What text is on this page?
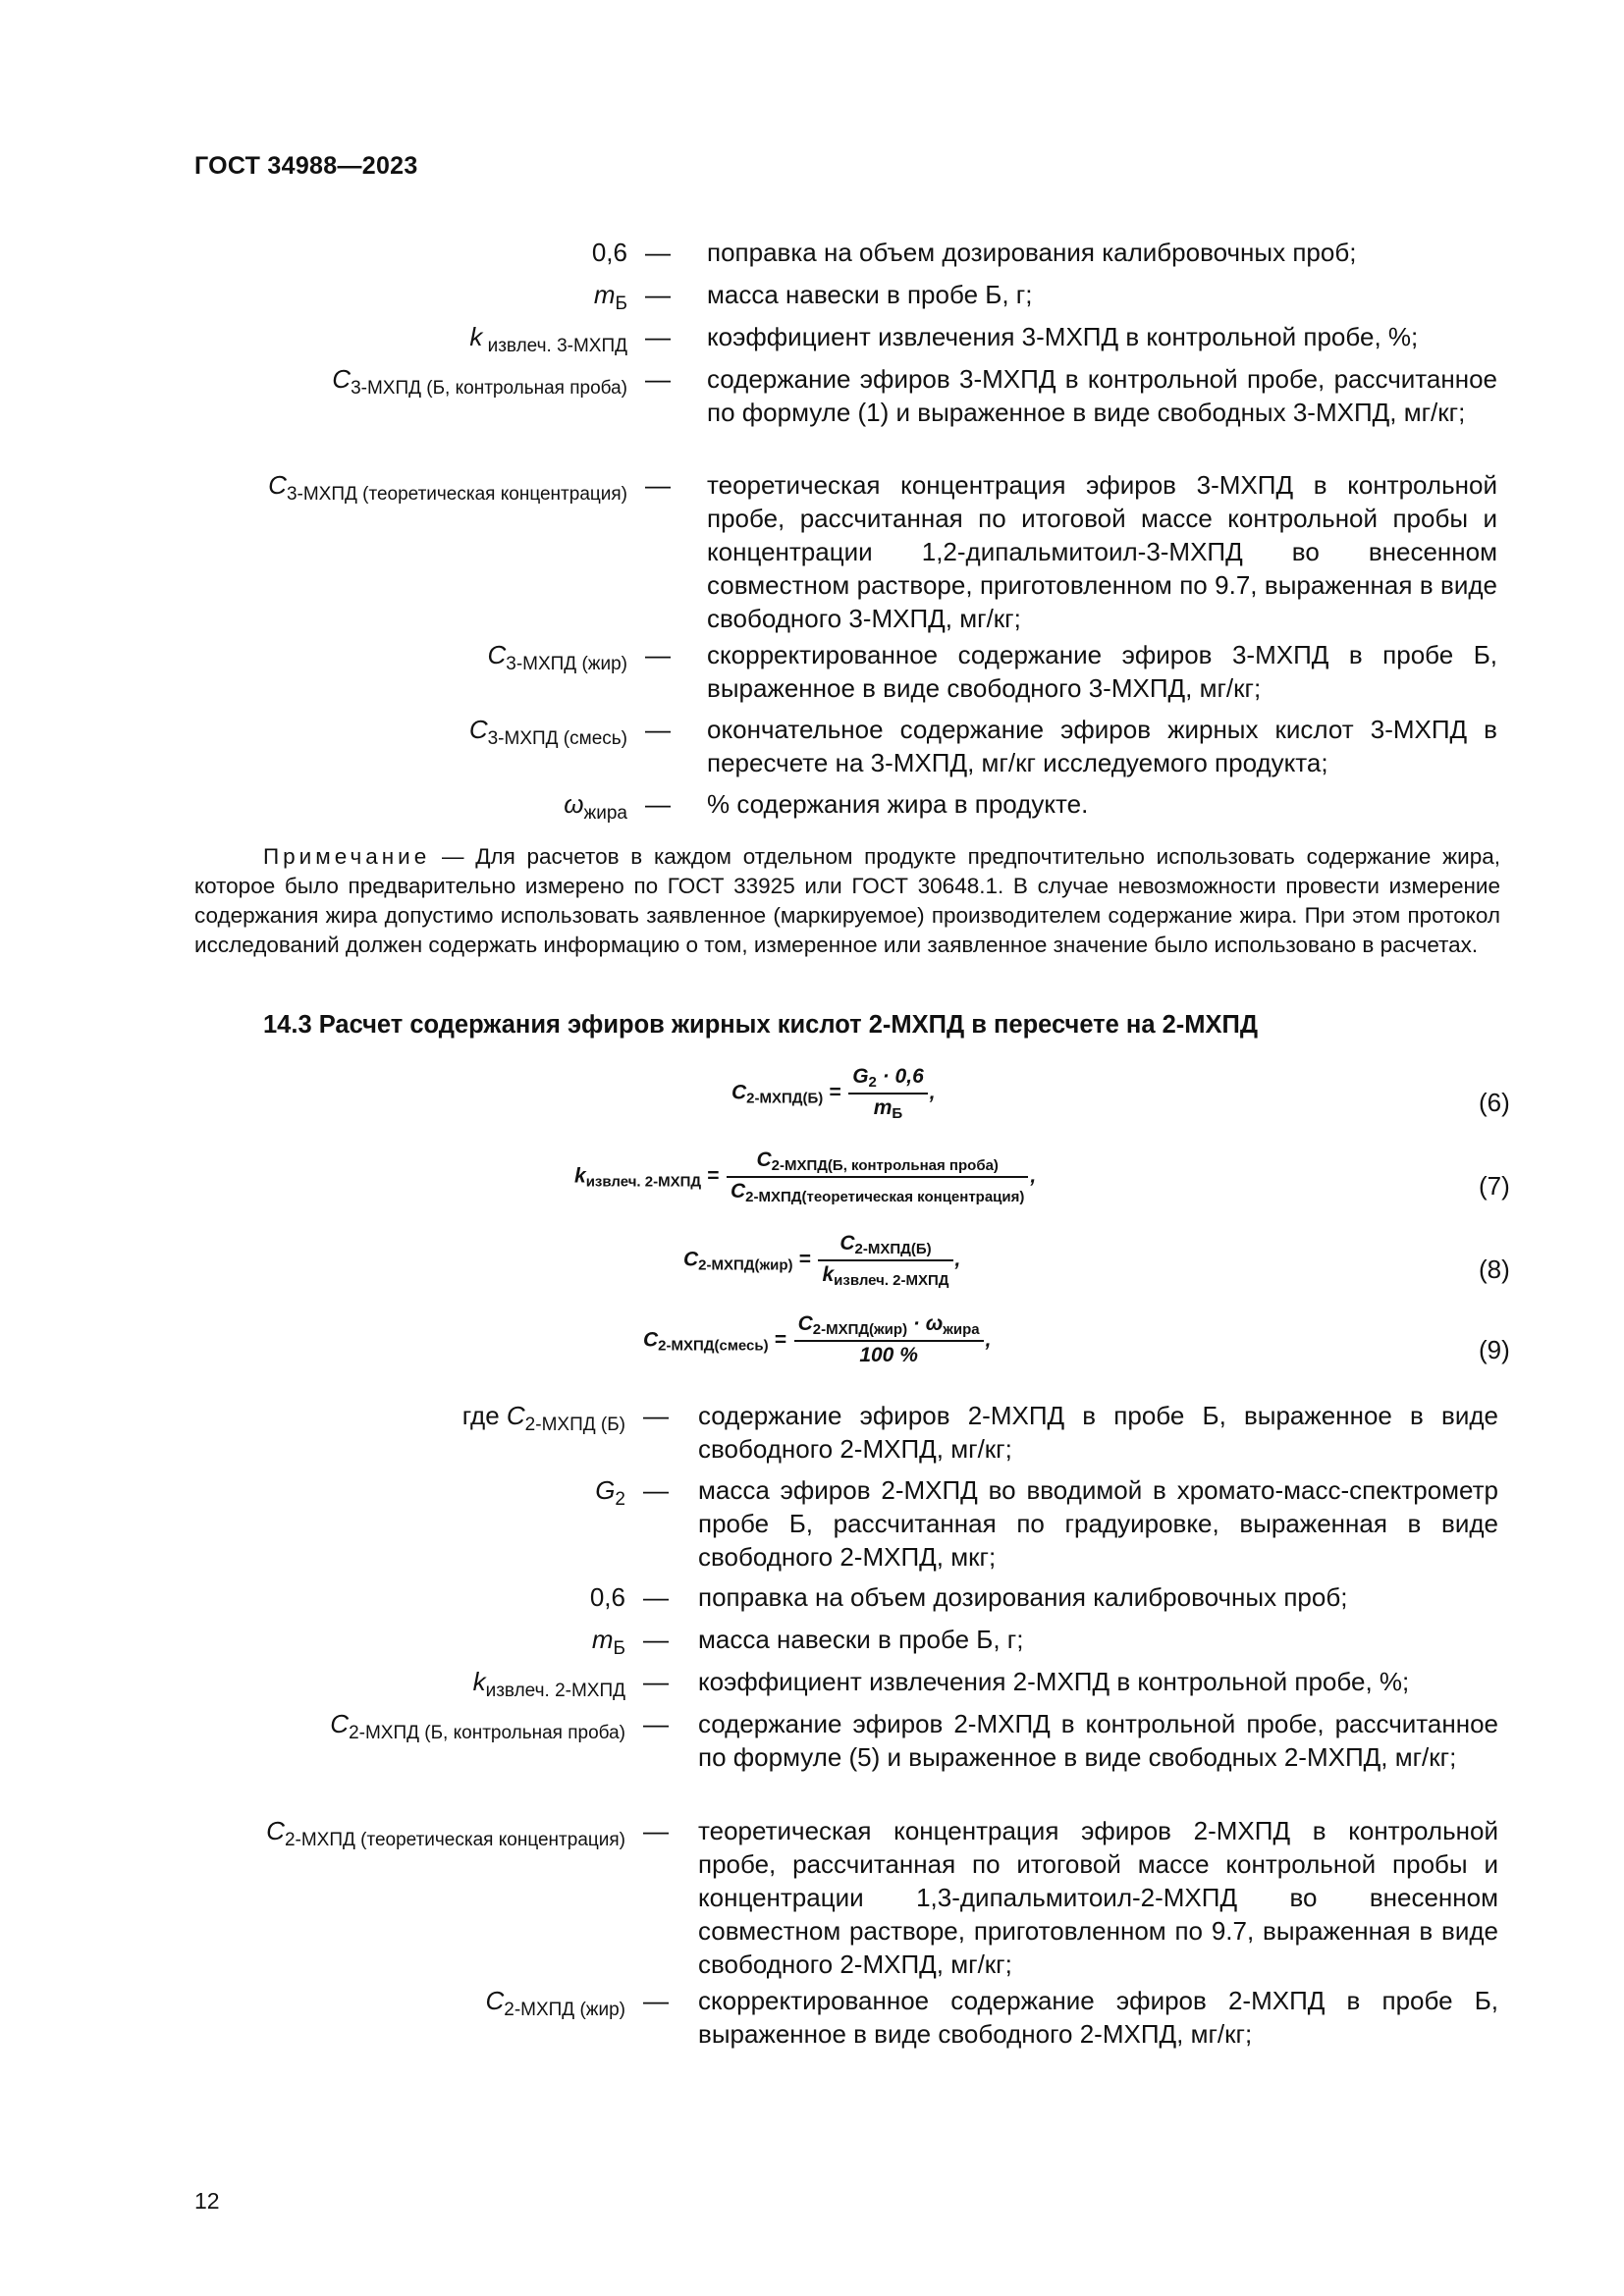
ГОСТ 34988—2023
0,6 — поправка на объем дозирования калибровочных проб;
$m_Б$ — масса навески в пробе Б, г;
k $_{извлеч. 3-МХПД}$ — коэффициент извлечения 3-МХПД в контрольной пробе, %;
$C_{3-МХПД (Б, контрольная проба)}$ — содержание эфиров 3-МХПД в контрольной пробе, рассчитанное по формуле (1) и выраженное в виде свободных 3-МХПД, мг/кг;
$C_{3-МХПД (теоретическая концентрация)}$ — теоретическая концентрация эфиров 3-МХПД в контрольной пробе, рассчитанная по итоговой массе контрольной пробы и концентрации 1,2-дипальмитоил-3-МХПД во внесенном совместном растворе, приготовленном по 9.7, выраженная в виде свободного 3-МХПД, мг/кг;
$C_{3-МХПД (жир)}$ — скорректированное содержание эфиров 3-МХПД в пробе Б, выраженное в виде свободного 3-МХПД, мг/кг;
$C_{3-МХПД (смесь)}$ — окончательное содержание эфиров жирных кислот 3-МХПД в пересчете на 3-МХПД, мг/кг исследуемого продукта;
$\omega_{жира}$ — % содержания жира в продукте.
Примечание — Для расчетов в каждом отдельном продукте предпочтительно использовать содержание жира, которое было предварительно измерено по ГОСТ 33925 или ГОСТ 30648.1. В случае невозможности провести измерение содержания жира допустимо использовать заявленное (маркируемое) производителем содержание жира. При этом протокол исследований должен содержать информацию о том, измеренное или заявленное значение было использовано в расчетах.
14.3 Расчет содержания эфиров жирных кислот 2-МХПД в пересчете на 2-МХПД
C2-МХПД(Б) = $\frac{G2 \cdot 0,6}{mБ}$ ,	(6)
kизвлеч. 2-МХПД = $\frac{\text{C2-МХПД(Б, контрольная проба)}}{\text{C2-МХПД(теоретическая концентрация)}}$ ,	(7)
C2-МХПД(жир) = $\frac{\text{C2-МХПД(Б)}}{\text{kизвлеч. 2-МХПД}}$ ,	(8)
C2-МХПД(смесь) = $\frac{\text{C2-МХПД(жир) · ωжира}}{100 \%}$ ,	(9)
где $C_{2-МХПД (Б)}$ — содержание эфиров 2-МХПД в пробе Б, выраженное в виде свободного 2-МХПД, мг/кг;
$G_2$ — масса эфиров 2-МХПД во вводимой в хромато-масс-спектрометр пробе Б, рассчитанная по градуировке, выраженная в виде свободного 2-МХПД, мкг;
0,6 — поправка на объем дозирования калибровочных проб;
$m_Б$ — масса навески в пробе Б, г;
$k_{извлеч. 2-МХПД}$ — коэффициент извлечения 2-МХПД в контрольной пробе, %;
$C_{2-МХПД (Б, контрольная проба)}$ — содержание эфиров 2-МХПД в контрольной пробе, рассчитанное по формуле (5) и выраженное в виде свободных 2-МХПД, мг/кг;
$C_{2-МХПД (теоретическая концентрация)}$ — теоретическая концентрация эфиров 2-МХПД в контрольной пробе, рассчитанная по итоговой массе контрольной пробы и концентрации 1,3-дипальмитоил-2-МХПД во внесенном совместном растворе, приготовленном по 9.7, выраженная в виде свободного 2-МХПД, мг/кг;
$C_{2-МХПД (жир)}$ — скорректированное содержание эфиров 2-МХПД в пробе Б, выраженное в виде свободного 2-МХПД, мг/кг;
12
